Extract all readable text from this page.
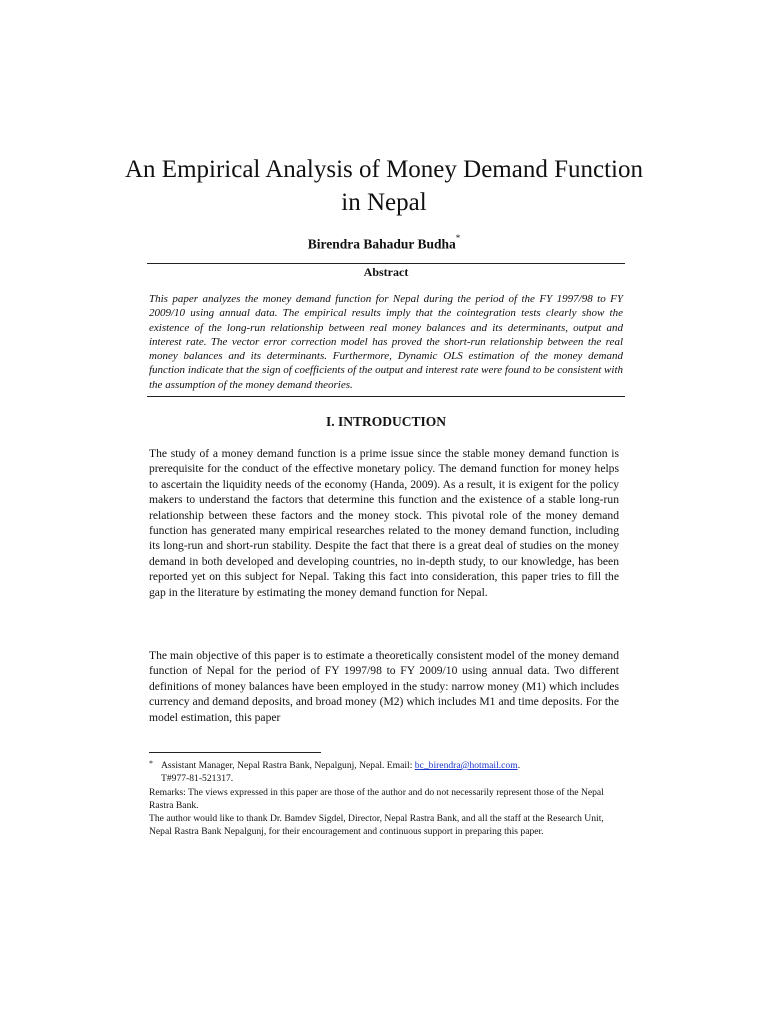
An Empirical Analysis of Money Demand Function in Nepal
Birendra Bahadur Budha*
Abstract

This paper analyzes the money demand function for Nepal during the period of the FY 1997/98 to FY 2009/10 using annual data. The empirical results imply that the cointegration tests clearly show the existence of the long-run relationship between real money balances and its determinants, output and interest rate. The vector error correction model has proved the short-run relationship between the real money balances and its determinants. Furthermore, Dynamic OLS estimation of the money demand function indicate that the sign of coefficients of the output and interest rate were found to be consistent with the assumption of the money demand theories.

I. INTRODUCTION

The study of a money demand function is a prime issue since the stable money demand function is prerequisite for the conduct of the effective monetary policy. The demand function for money helps to ascertain the liquidity needs of the economy (Handa, 2009). As a result, it is exigent for the policy makers to understand the factors that determine this function and the existence of a stable long-run relationship between these factors and the money stock. This pivotal role of the money demand function has generated many empirical researches related to the money demand function, including its long-run and short-run stability. Despite the fact that there is a great deal of studies on the money demand in both developed and developing countries, no in-depth study, to our knowledge, has been reported yet on this subject for Nepal. Taking this fact into consideration, this paper tries to fill the gap in the literature by estimating the money demand function for Nepal.

The main objective of this paper is to estimate a theoretically consistent model of the money demand function of Nepal for the period of FY 1997/98 to FY 2009/10 using annual data. Two different definitions of money balances have been employed in the study: narrow money (M1) which includes currency and demand deposits, and broad money (M2) which includes M1 and time deposits. For the model estimation, this paper

* Assistant Manager, Nepal Rastra Bank, Nepalgunj, Nepal. Email: bc_birendra@hotmail.com.

T#977-81-521317.

Remarks: The views expressed in this paper are those of the author and do not necessarily represent those of the Nepal Rastra Bank.

The author would like to thank Dr. Bamdev Sigdel, Director, Nepal Rastra Bank, and all the staff at the Research Unit, Nepal Rastra Bank Nepalgunj, for their encouragement and continuous support in preparing this paper.
